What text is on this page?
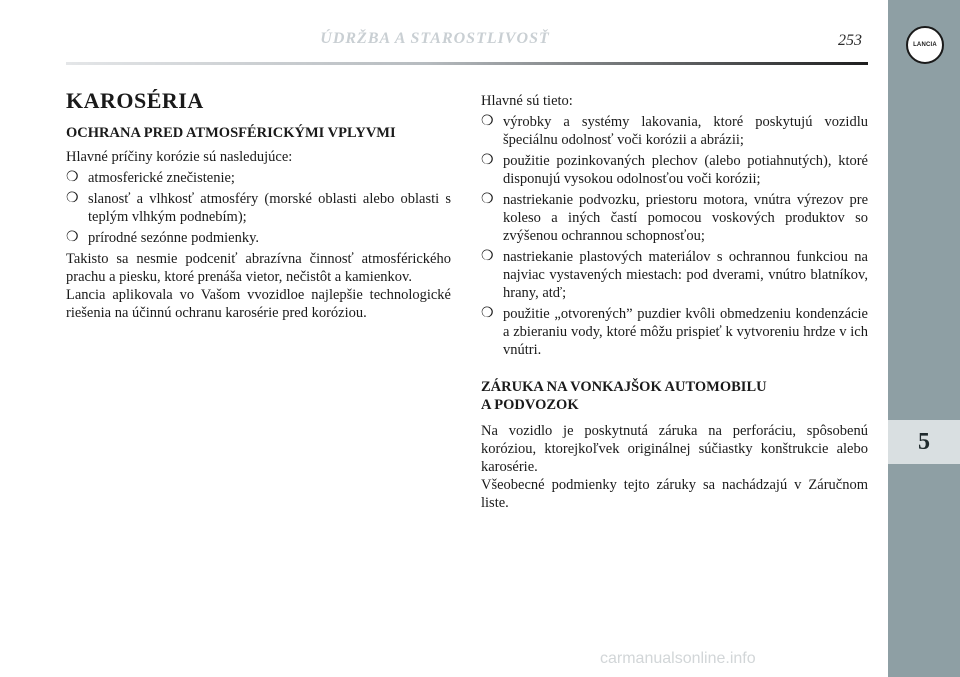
ÚDRŽBA A STAROSTLIVOSŤ	253	LANCIA
5
KAROSÉRIA
OCHRANA PRED ATMOSFÉRICKÝMI VPLYVMI

Hlavné príčiny korózie sú nasledujúce:

❍ atmosferické znečistenie;
❍ slanosť a vlhkosť atmosféry (morské oblasti alebo oblasti s teplým vlhkým podnebím);
❍ prírodné sezónne podmienky.

Takisto sa nesmie podceniť abrazívna činnosť atmosférického prachu a piesku, ktoré prenáša vietor, nečistôt a kamienkov.

Lancia aplikovala vo Vašom vvozidloe najlepšie technologické riešenia na účinnú ochranu karosérie pred koróziou.

Hlavné sú tieto:

❍ výrobky a systémy lakovania, ktoré poskytujú vozidlu špeciálnu odolnosť voči korózii a abrázii;
❍ použitie pozinkovaných plechov (alebo potiahnutých), ktoré disponujú vysokou odolnosťou voči korózii;
❍ nastriekanie podvozku, priestoru motora, vnútra výrezov pre koleso a iných častí pomocou voskových produktov so zvýšenou ochrannou schopnosťou;
❍ nastriekanie plastových materiálov s ochrannou funkciou na najviac vystavených miestach: pod dverami, vnútro blatníkov, hrany, atď;
❍ použitie „otvorených” puzdier kvôli obmedzeniu kondenzácie a zbieraniu vody, ktoré môžu prispieť k vytvoreniu hrdze v ich vnútri.
ZÁRUKA NA VONKAJŠOK AUTOMOBILU
A PODVOZOK

Na vozidlo je poskytnutá záruka na perforáciu, spôsobenú koróziou, ktorejkoľvek originálnej súčiastky konštrukcie alebo karosérie.

Všeobecné podmienky tejto záruky sa nachádzajú v Záručnom liste.

carmanualsonline.info
